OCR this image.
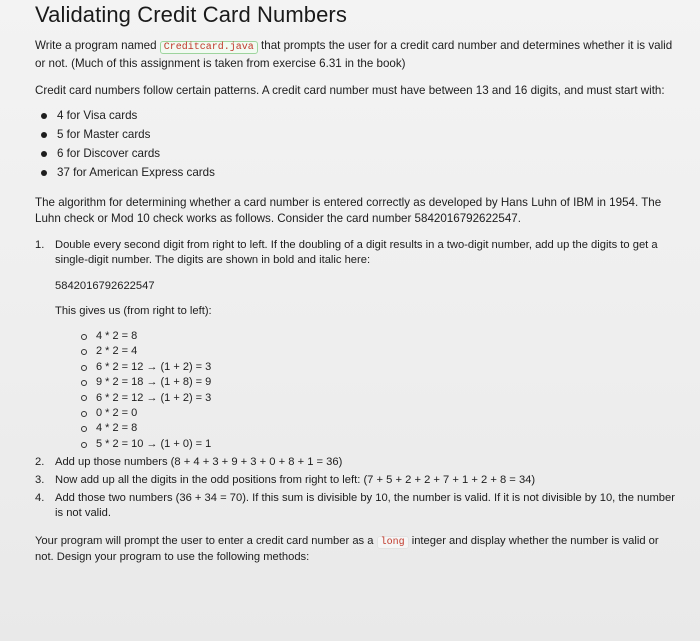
Validating Credit Card Numbers

Write a program named Creditcard.java that prompts the user for a credit card number and determines whether it is valid or not. (Much of this assignment is taken from exercise 6.31 in the book)

Credit card numbers follow certain patterns. A credit card number must have between 13 and 16 digits, and must start with:

4 for Visa cards
5 for Master cards
6 for Discover cards
37 for American Express cards

The algorithm for determining whether a card number is entered correctly as developed by Hans Luhn of IBM in 1954. The Luhn check or Mod 10 check works as follows. Consider the card number 5842016792622547.

1. Double every second digit from right to left. If the doubling of a digit results in a two-digit number, add up the digits to get a single-digit number. The digits are shown in bold and italic here:
5842016792622547
This gives us (from right to left):
4 * 2 = 8
2 * 2 = 4
6 * 2 = 12 → (1 + 2) = 3
9 * 2 = 18 → (1 + 8) = 9
6 * 2 = 12 → (1 + 2) = 3
0 * 2 = 0
4 * 2 = 8
5 * 2 = 10 → (1 + 0) = 1
2. Add up those numbers (8 + 4 + 3 + 9 + 3 + 0 + 8 + 1 = 36)
3. Now add up all the digits in the odd positions from right to left: (7 + 5 + 2 + 2 + 7 + 1 + 2 + 8 = 34)
4. Add those two numbers (36 + 34 = 70). If this sum is divisible by 10, the number is valid. If it is not divisible by 10, the number is not valid.

Your program will prompt the user to enter a credit card number as a long integer and display whether the number is valid or not. Design your program to use the following methods:
